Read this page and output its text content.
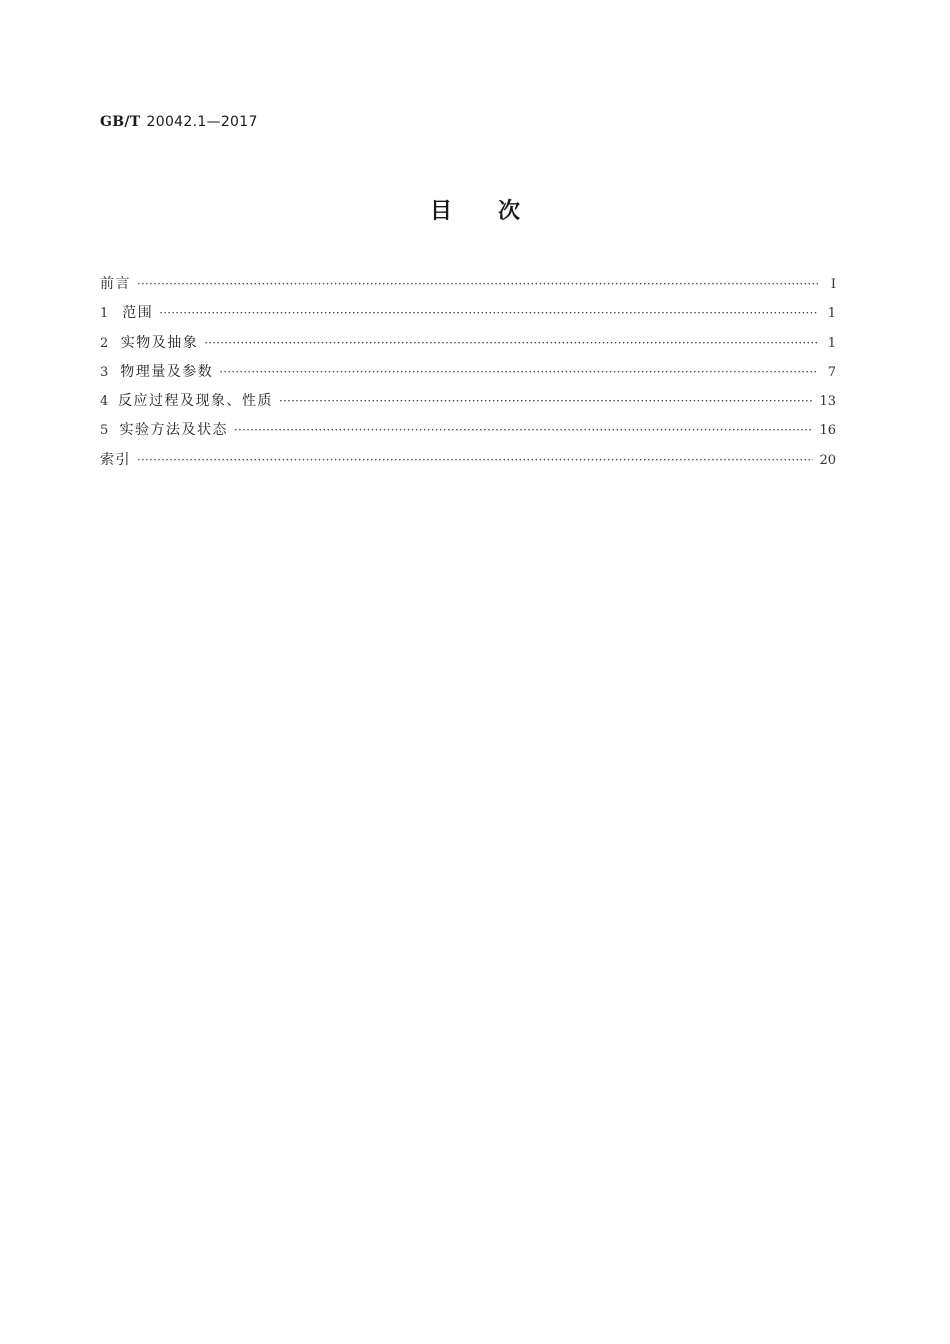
GB/T 20042.1—2017
目 次
前言 ·····	Ⅰ
1 范围 ·····	1
2 实物及抽象 ·····	1
3 物理量及参数 ·····	7
4 反应过程及现象、性质 ·····	13
5 实验方法及状态 ·····	16
索引 ·····	20
